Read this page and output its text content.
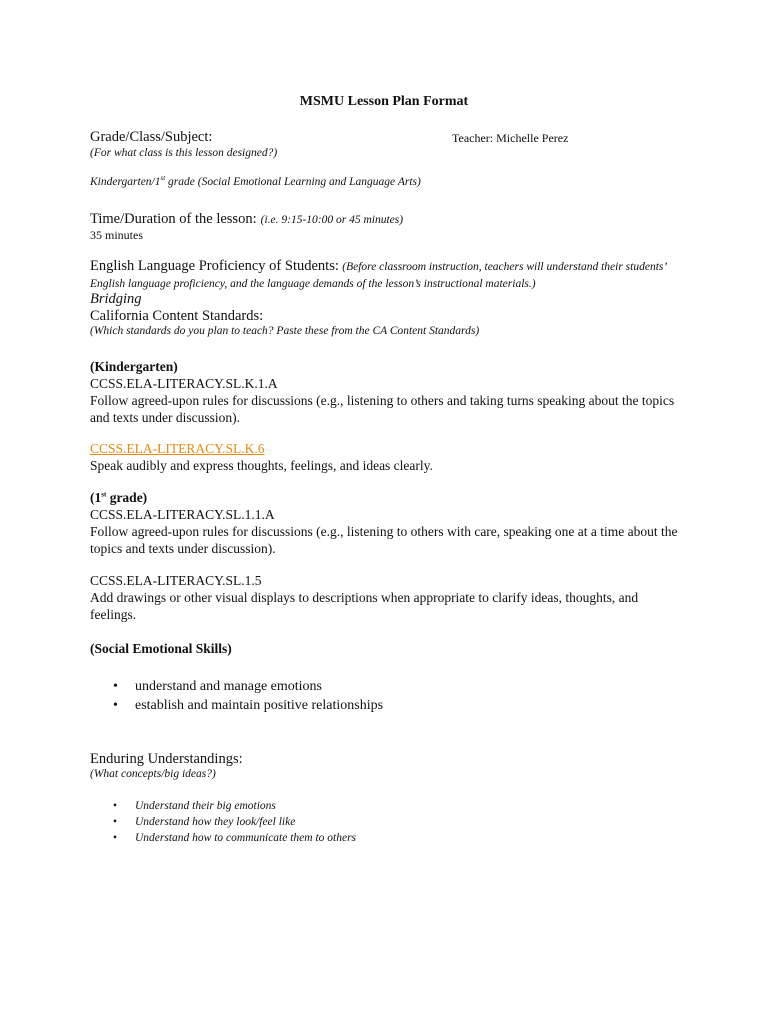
MSMU Lesson Plan Format
Grade/Class/Subject:	Teacher: Michelle Perez
(For what class is this lesson designed?)
Kindergarten/1st grade (Social Emotional Learning and Language Arts)
Time/Duration of the lesson: (i.e. 9:15-10:00 or 45 minutes)
35 minutes
English Language Proficiency of Students: (Before classroom instruction, teachers will understand their students’ English language proficiency, and the language demands of the lesson’s instructional materials.)
Bridging
California Content Standards:
(Which standards do you plan to teach? Paste these from the CA Content Standards)
(Kindergarten)
CCSS.ELA-LITERACY.SL.K.1.A
Follow agreed-upon rules for discussions (e.g., listening to others and taking turns speaking about the topics and texts under discussion).
CCSS.ELA-LITERACY.SL.K.6
Speak audibly and express thoughts, feelings, and ideas clearly.
(1st grade)
CCSS.ELA-LITERACY.SL.1.1.A
Follow agreed-upon rules for discussions (e.g., listening to others with care, speaking one at a time about the topics and texts under discussion).
CCSS.ELA-LITERACY.SL.1.5
Add drawings or other visual displays to descriptions when appropriate to clarify ideas, thoughts, and feelings.
(Social Emotional Skills)
• understand and manage emotions
• establish and maintain positive relationships
Enduring Understandings:
(What concepts/big ideas?)
• Understand their big emotions
• Understand how they look/feel like
• Understand how to communicate them to others
